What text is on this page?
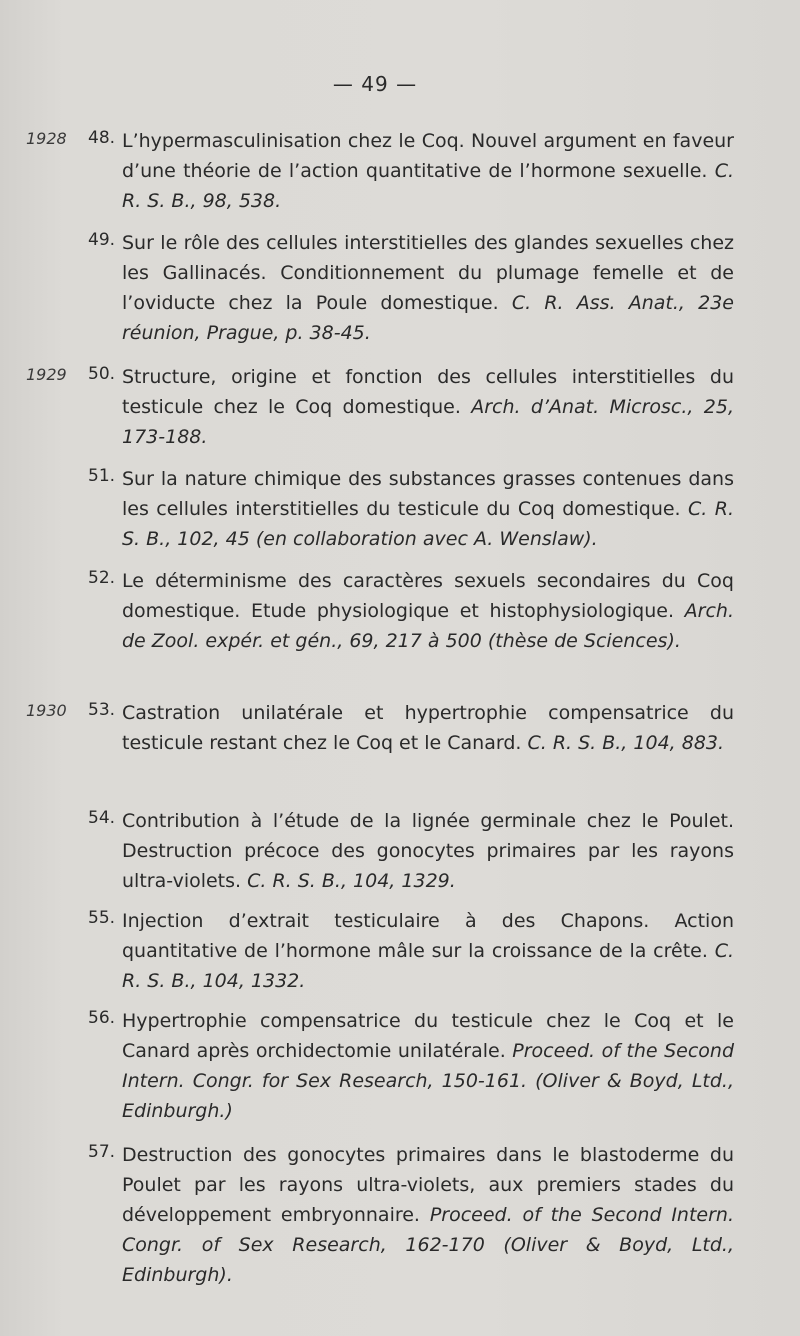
— 49 —
1928 48. L’hypermasculinisation chez le Coq. Nouvel argument en faveur d’une théorie de l’action quantitative de l’hormone sexuelle. C. R. S. B., 98, 538.

49. Sur le rôle des cellules interstitielles des glandes sexuelles chez les Gallinacés. Conditionnement du plumage femelle et de l’oviducte chez la Poule domestique. C. R. Ass. Anat., 23e réunion, Prague, p. 38-45.

1929 50. Structure, origine et fonction des cellules interstitielles du testicule chez le Coq domestique. Arch. d’Anat. Microsc., 25, 173-188.

51. Sur la nature chimique des substances grasses contenues dans les cellules interstitielles du testicule du Coq domestique. C. R. S. B., 102, 45 (en collaboration avec A. Wenslaw).

52. Le déterminisme des caractères sexuels secondaires du Coq domestique. Etude physiologique et histophysiologique. Arch. de Zool. expér. et gén., 69, 217 à 500 (thèse de Sciences).

1930 53. Castration unilatérale et hypertrophie compensatrice du testicule restant chez le Coq et le Canard. C. R. S. B., 104, 883.

54. Contribution à l’étude de la lignée germinale chez le Poulet. Destruction précoce des gonocytes primaires par les rayons ultra-violets. C. R. S. B., 104, 1329.

55. Injection d’extrait testiculaire à des Chapons. Action quantitative de l’hormone mâle sur la croissance de la crête. C. R. S. B., 104, 1332.

56. Hypertrophie compensatrice du testicule chez le Coq et le Canard après orchidectomie unilatérale. Proceed. of the Second Intern. Congr. for Sex Research, 150-161. (Oliver & Boyd, Ltd., Edinburgh.)

57. Destruction des gonocytes primaires dans le blastoderme du Poulet par les rayons ultra-violets, aux premiers stades du développement embryonnaire. Proceed. of the Second Intern. Congr. of Sex Research, 162-170 (Oliver & Boyd, Ltd., Edinburgh).
